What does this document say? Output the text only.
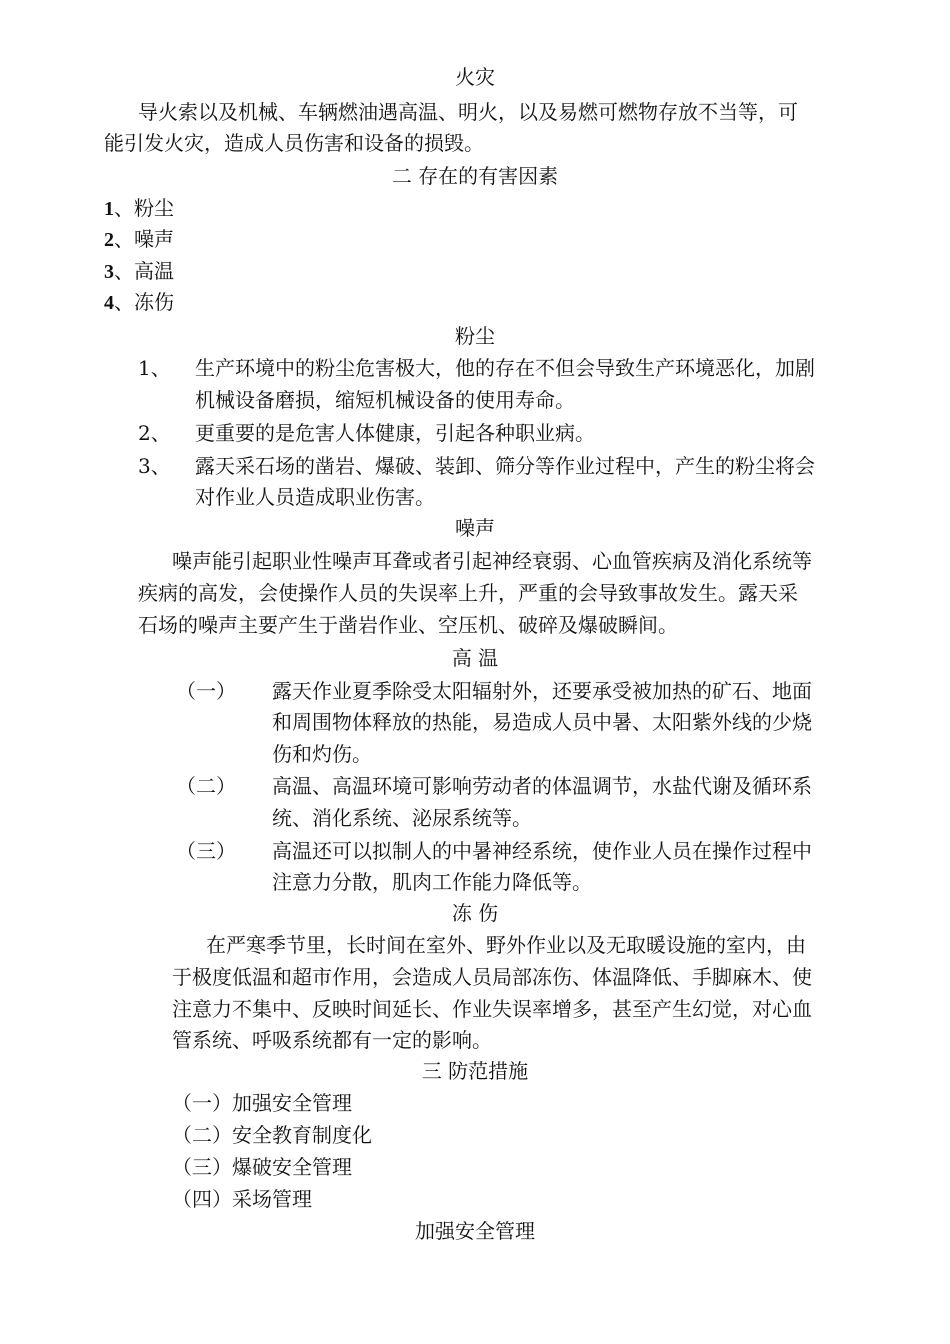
火灾
导火索以及机械、车辆燃油遇高温、明火，以及易燃可燃物存放不当等，可
能引发火灾，造成人员伤害和设备的损毁。
二 存在的有害因素
1、粉尘
2、噪声
3、高温
4、冻伤
粉尘
1、 生产环境中的粉尘危害极大，他的存在不但会导致生产环境恶化，加剧
机械设备磨损，缩短机械设备的使用寿命。
2、 更重要的是危害人体健康，引起各种职业病。
3、 露天采石场的凿岩、爆破、装卸、筛分等作业过程中，产生的粉尘将会
对作业人员造成职业伤害。
噪声
噪声能引起职业性噪声耳聋或者引起神经衰弱、心血管疾病及消化系统等
疾病的高发，会使操作人员的失误率上升，严重的会导致事故发生。露天采
石场的噪声主要产生于凿岩作业、空压机、破碎及爆破瞬间。
高 温
（一） 露天作业夏季除受太阳辐射外，还要承受被加热的矿石、地面
和周围物体释放的热能，易造成人员中暑、太阳紫外线的少烧
伤和灼伤。
（二） 高温、高温环境可影响劳动者的体温调节，水盐代谢及循环系
统、消化系统、泌尿系统等。
（三） 高温还可以拟制人的中暑神经系统，使作业人员在操作过程中
注意力分散，肌肉工作能力降低等。
冻 伤
在严寒季节里，长时间在室外、野外作业以及无取暖设施的室内，由
于极度低温和超市作用，会造成人员局部冻伤、体温降低、手脚麻木、使
注意力不集中、反映时间延长、作业失误率增多，甚至产生幻觉，对心血
管系统、呼吸系统都有一定的影响。
三 防范措施
（一）加强安全管理
（二）安全教育制度化
（三）爆破安全管理
（四）采场管理
加强安全管理
